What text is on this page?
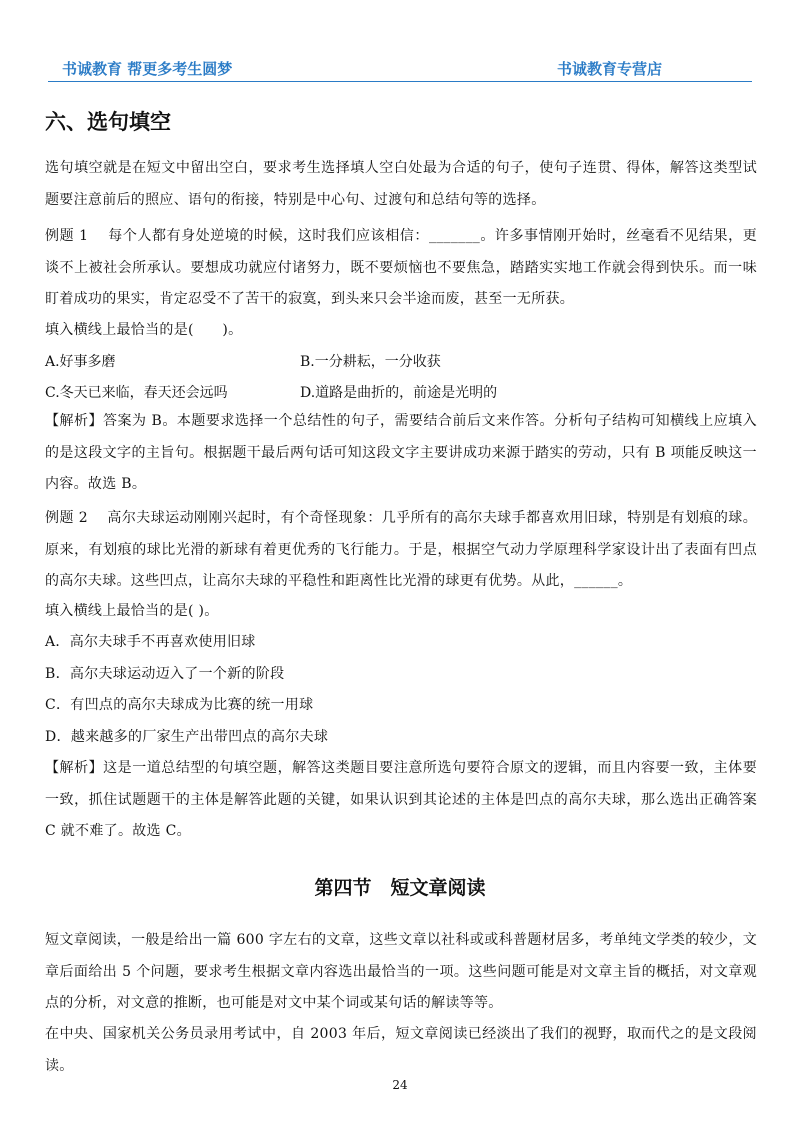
书诚教育 帮更多考生圆梦	书诚教育专营店
六、选句填空
选句填空就是在短文中留出空白，要求考生选择填人空白处最为合适的句子，使句子连贯、得体，解答这类型试题要注意前后的照应、语句的衔接，特别是中心句、过渡句和总结句等的选择。
例题 1　 每个人都有身处逆境的时候，这时我们应该相信：_______。许多事情刚开始时，丝毫看不见结果，更谈不上被社会所承认。要想成功就应付诸努力，既不要烦恼也不要焦急，踏踏实实地工作就会得到快乐。而一味盯着成功的果实，肯定忍受不了苦干的寂寞，到头来只会半途而废，甚至一无所获。
填入横线上最恰当的是(　　)。
A.好事多磨	B.一分耕耘，一分收获
C.冬天已来临，春天还会远吗	D.道路是曲折的，前途是光明的
【解析】答案为 B。本题要求选择一个总结性的句子，需要结合前后文来作答。分析句子结构可知横线上应填入的是这段文字的主旨句。根据题干最后两句话可知这段文字主要讲成功来源于踏实的劳动，只有 B 项能反映这一内容。故选 B。
例题 2　 高尔夫球运动刚刚兴起时，有个奇怪现象：几乎所有的高尔夫球手都喜欢用旧球，特别是有划痕的球。原来，有划痕的球比光滑的新球有着更优秀的飞行能力。于是，根据空气动力学原理科学家设计出了表面有凹点的高尔夫球。这些凹点，让高尔夫球的平稳性和距离性比光滑的球更有优势。从此，______。
填入横线上最恰当的是( )。
A．高尔夫球手不再喜欢使用旧球
B．高尔夫球运动迈入了一个新的阶段
C．有凹点的高尔夫球成为比赛的统一用球
D．越来越多的厂家生产出带凹点的高尔夫球
【解析】这是一道总结型的句填空题，解答这类题目要注意所选句要符合原文的逻辑，而且内容要一致，主体要一致，抓住试题题干的主体是解答此题的关键，如果认识到其论述的主体是凹点的高尔夫球，那么选出正确答案 C 就不难了。故选 C。
第四节　短文章阅读
短文章阅读，一般是给出一篇 600 字左右的文章，这些文章以社科或或科普题材居多，考单纯文学类的较少，文章后面给出 5 个问题，要求考生根据文章内容选出最恰当的一项。这些问题可能是对文章主旨的概括，对文章观点的分析，对文意的推断，也可能是对文中某个词或某句话的解读等等。
在中央、国家机关公务员录用考试中，自 2003 年后，短文章阅读已经淡出了我们的视野，取而代之的是文段阅读。
24
